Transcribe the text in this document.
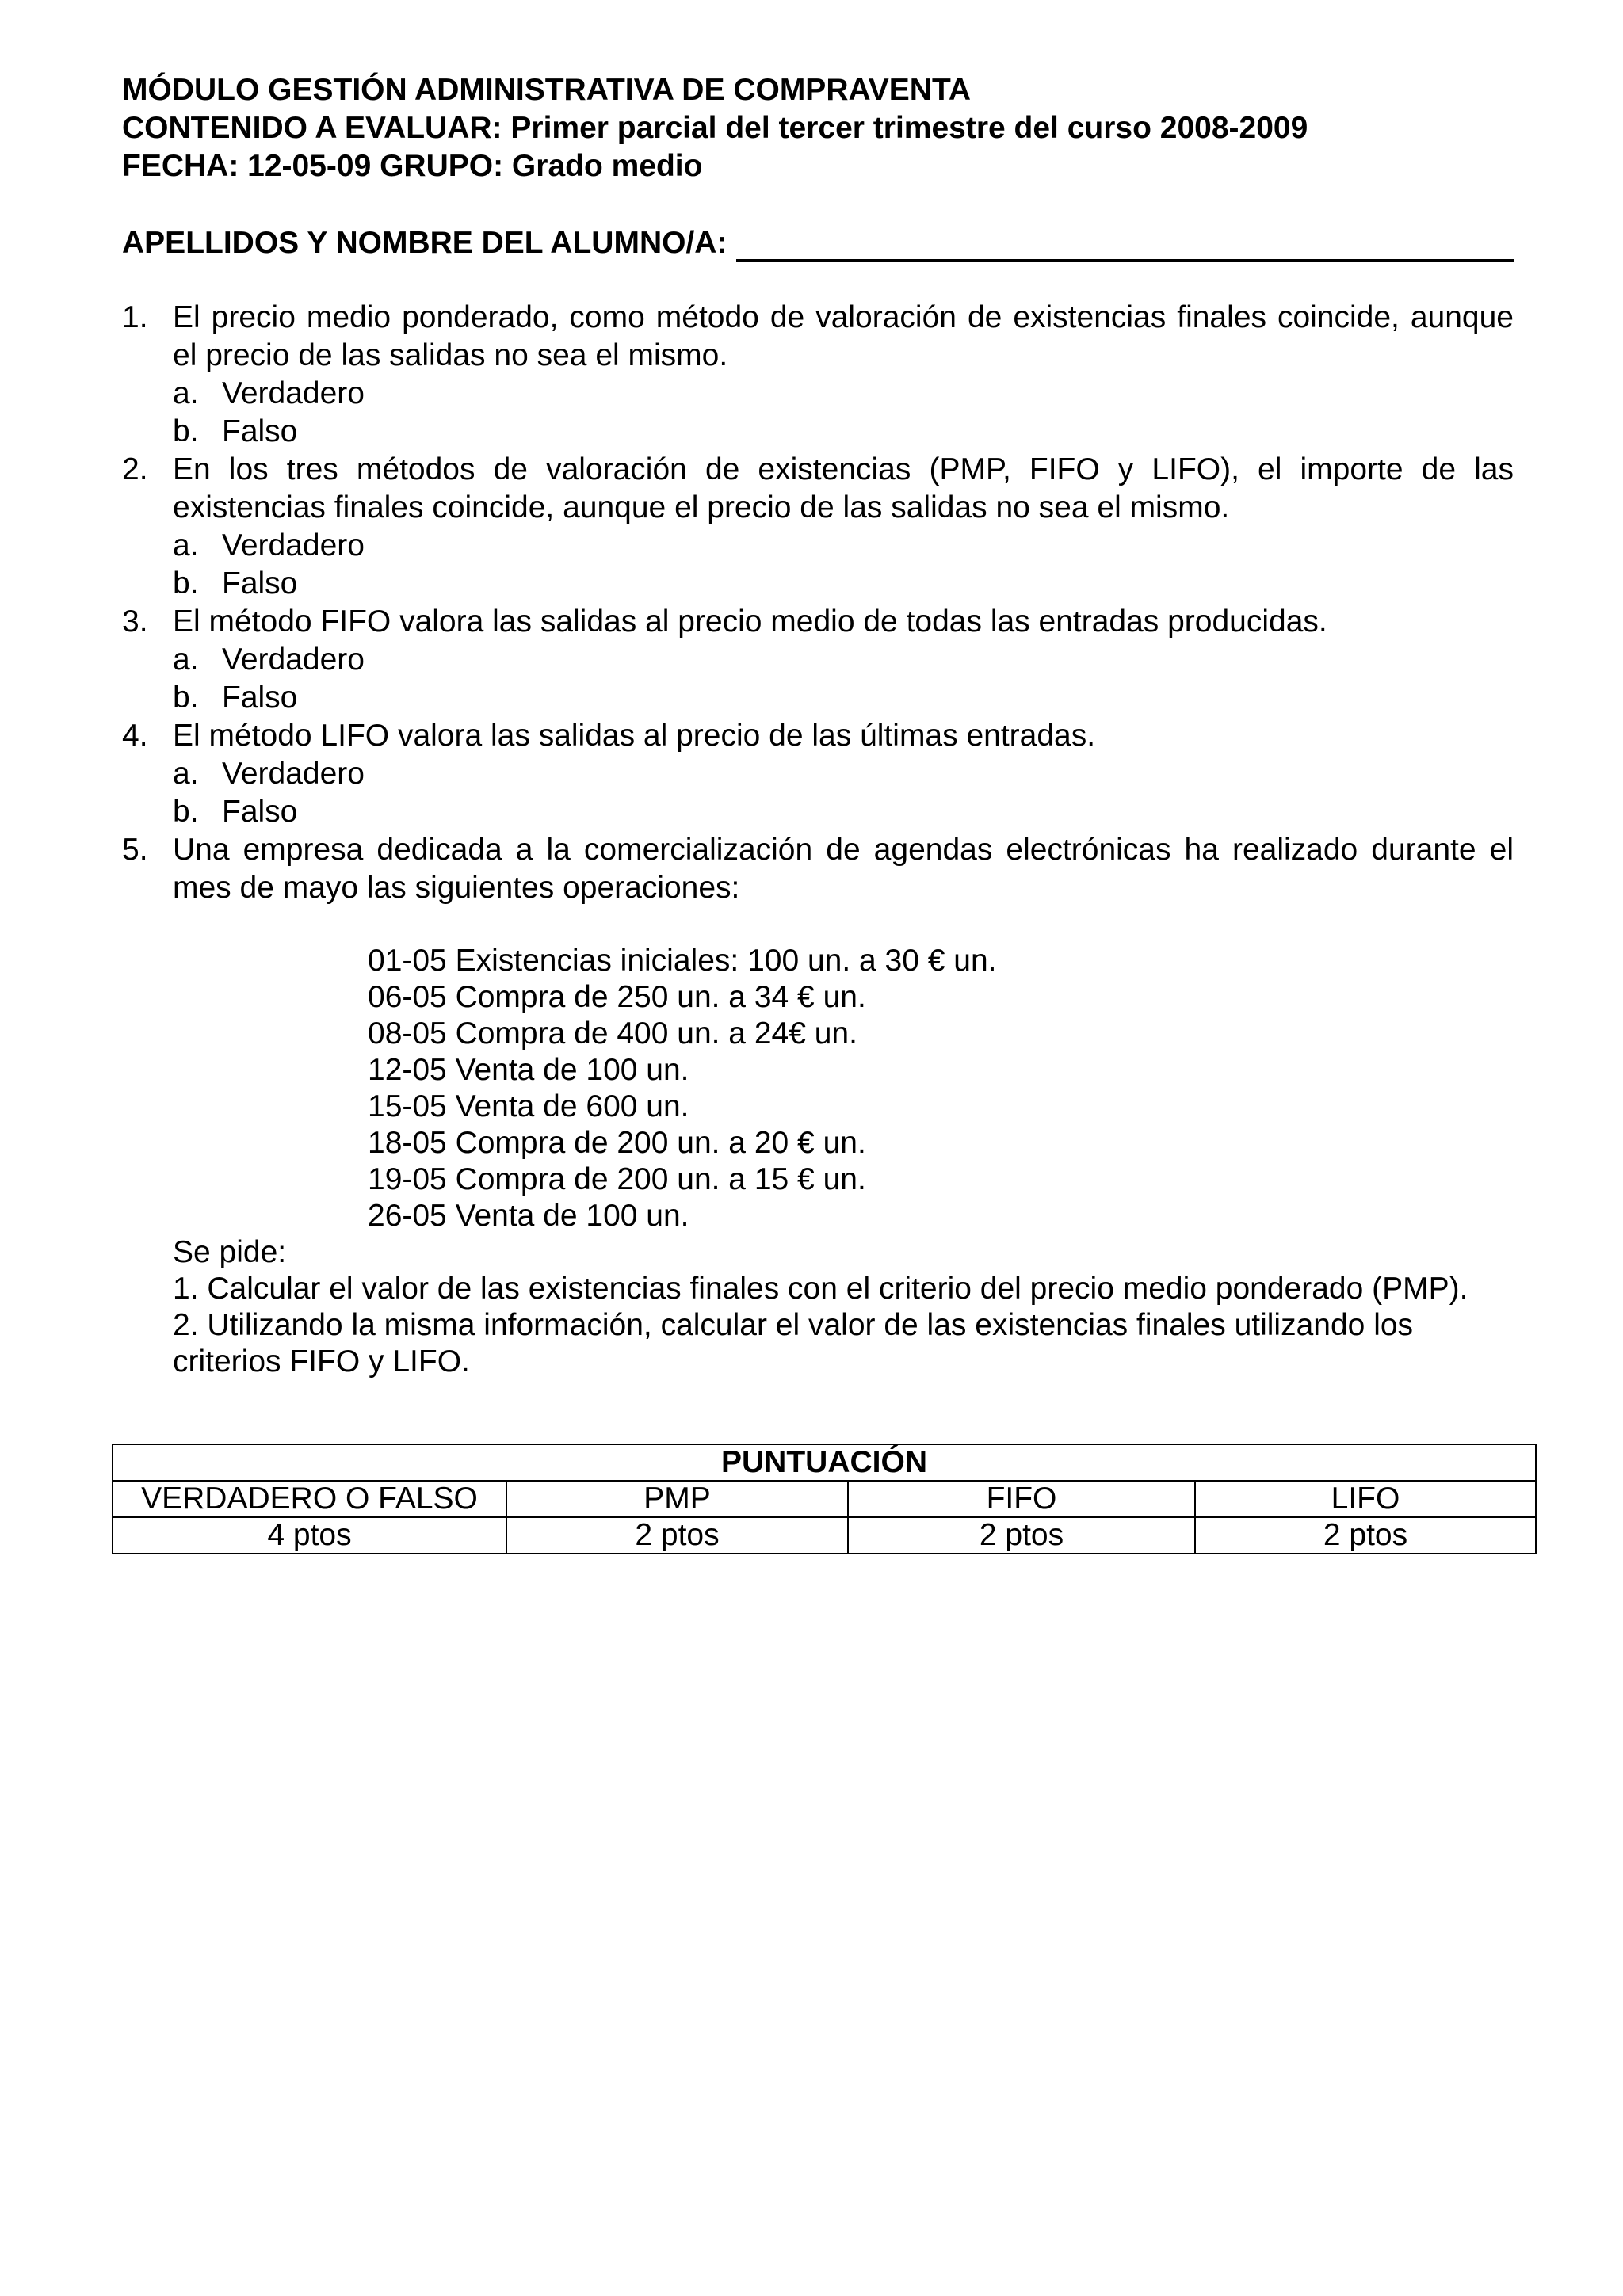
MÓDULO GESTIÓN ADMINISTRATIVA DE COMPRAVENTA
CONTENIDO A EVALUAR: Primer parcial del tercer trimestre del curso 2008-2009
FECHA: 12-05-09 GRUPO: Grado medio
APELLIDOS Y NOMBRE DEL ALUMNO/A:
1. El precio medio ponderado, como método de valoración de existencias finales coincide, aunque el precio de las salidas no sea el mismo.
a. Verdadero
b. Falso
2. En los tres métodos de valoración de existencias (PMP, FIFO y LIFO), el importe de las existencias finales coincide, aunque el precio de las salidas no sea el mismo.
a. Verdadero
b. Falso
3. El método FIFO valora las salidas al precio medio de todas las entradas producidas.
a. Verdadero
b. Falso
4. El método LIFO valora las salidas al precio de las últimas entradas.
a. Verdadero
b. Falso
5. Una empresa dedicada a la comercialización de agendas electrónicas ha realizado durante el mes de mayo las siguientes operaciones:
01-05 Existencias iniciales: 100 un. a 30 € un.
06-05 Compra de 250 un. a 34 € un.
08-05 Compra de 400 un. a 24€ un.
12-05 Venta de 100 un.
15-05 Venta de 600 un.
18-05 Compra de 200 un. a 20 € un.
19-05 Compra de 200 un. a 15 € un.
26-05 Venta de 100 un.
Se pide:
1. Calcular el valor de las existencias finales con el criterio del precio medio ponderado (PMP).
2. Utilizando la misma información, calcular el valor de las existencias finales utilizando los criterios FIFO y LIFO.
PUNTUACIÓN			
VERDADERO O FALSO	PMP	FIFO	LIFO
4 ptos	2 ptos	2 ptos	2 ptos
